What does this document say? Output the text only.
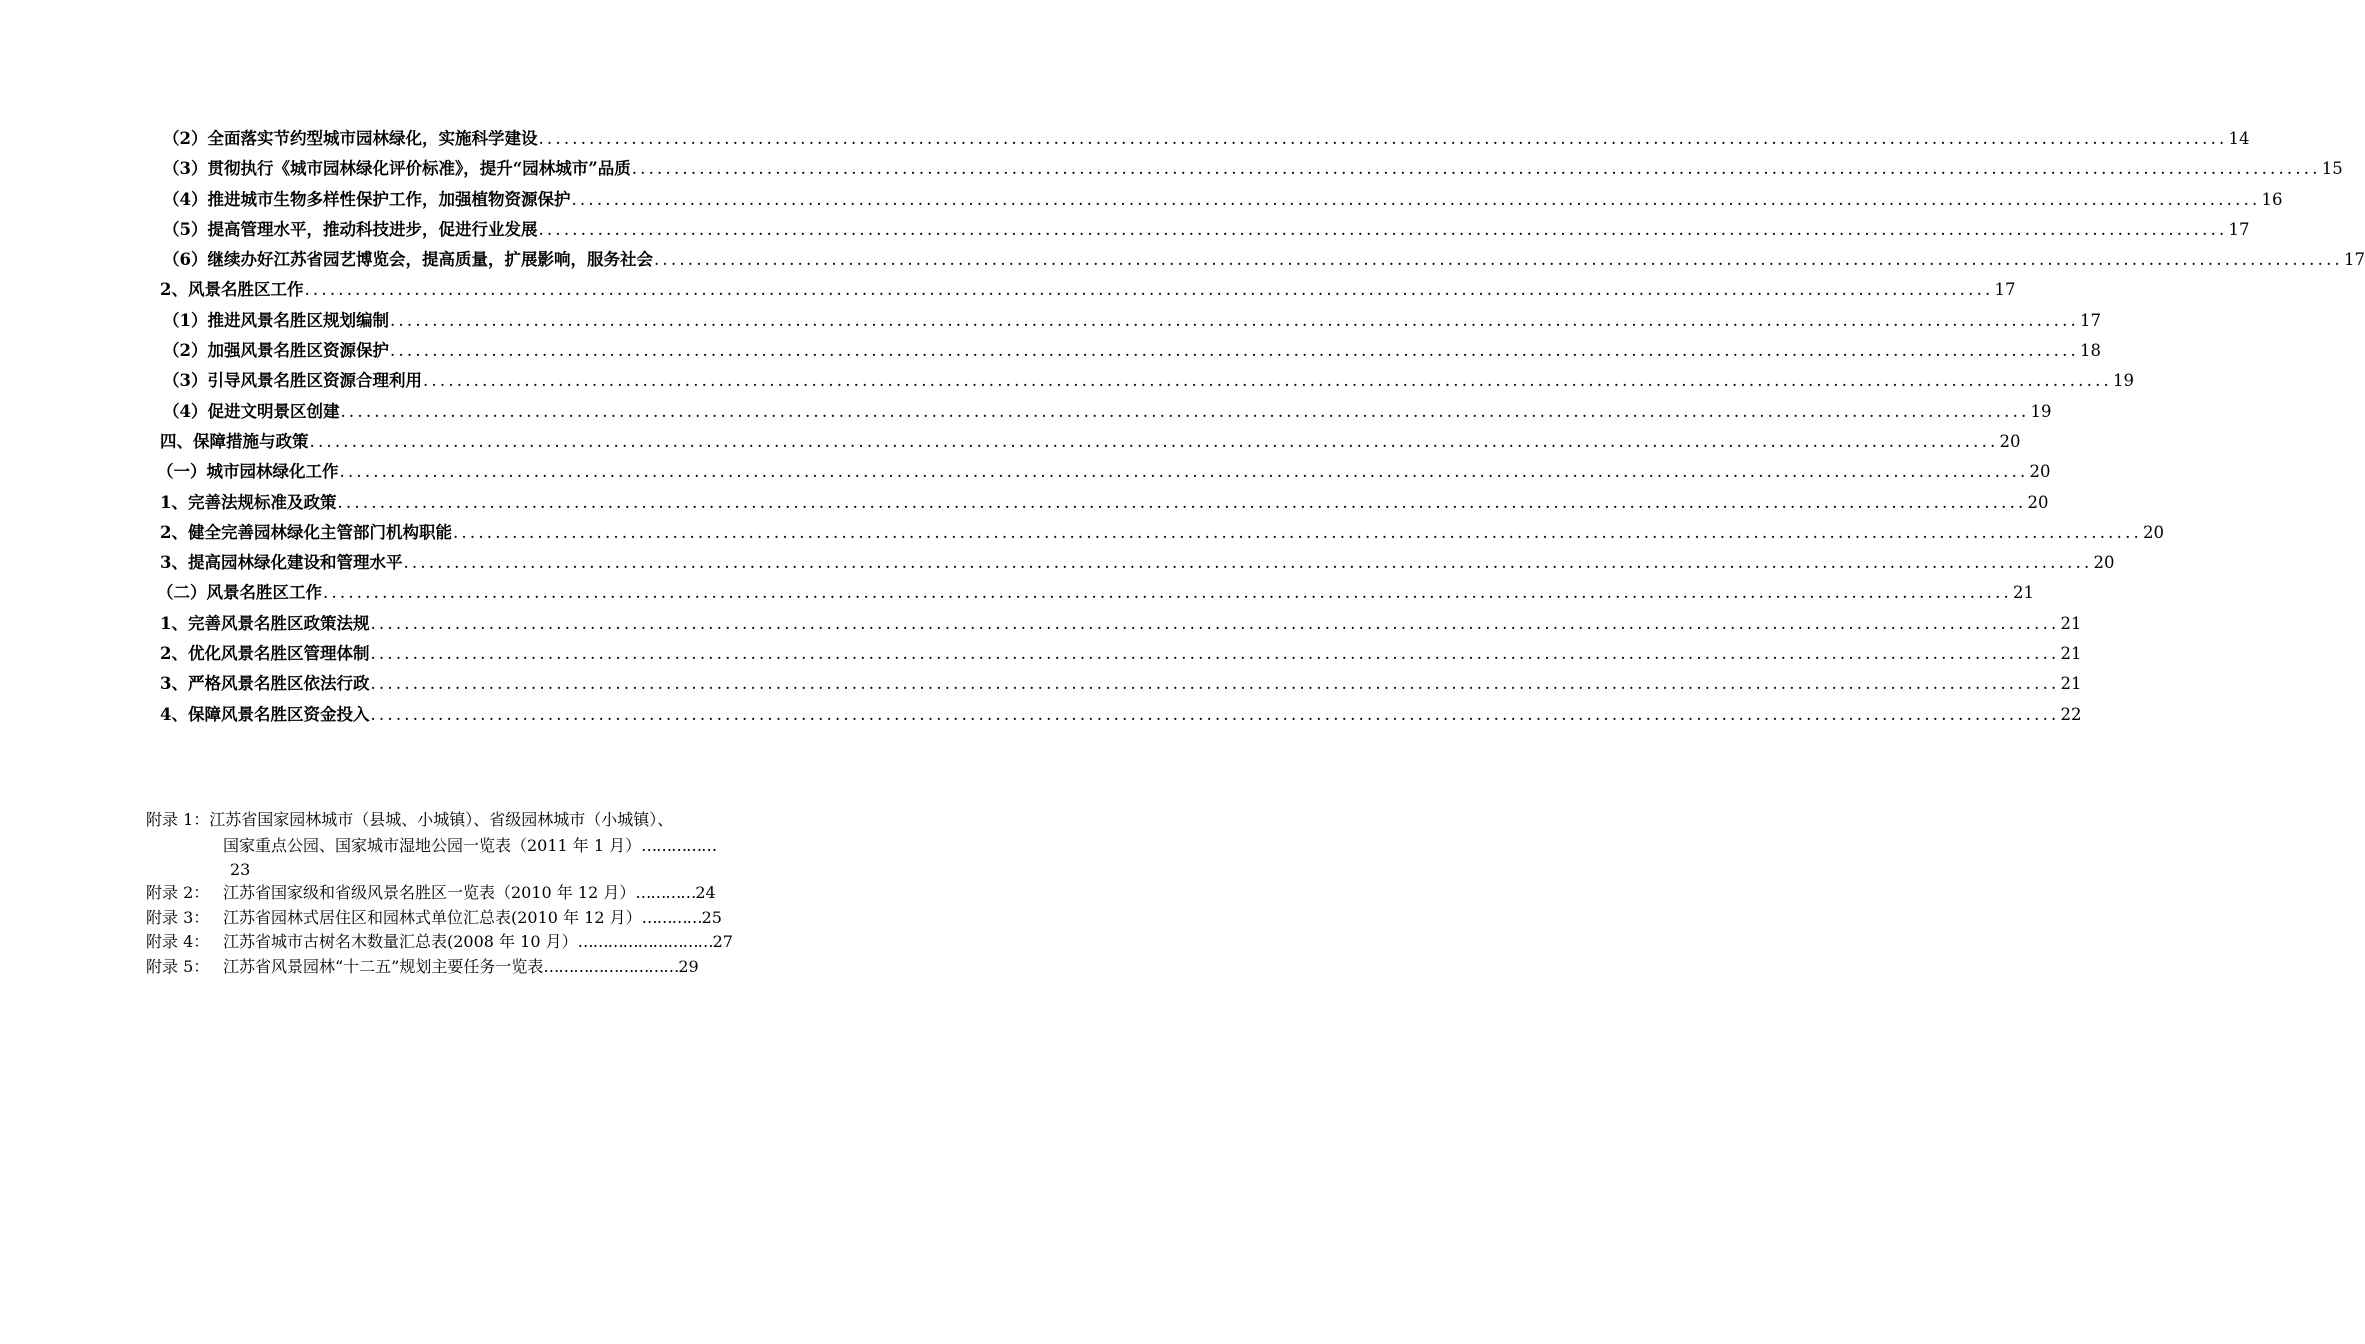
（2）全面落实节约型城市园林绿化，实施科学建设 ........................................................................................................................................................................................................ 14
（3）贯彻执行《城市园林绿化评价标准》，提升“园林城市”品质 ........................................................................................................................................................................................................ 15
（4）推进城市生物多样性保护工作，加强植物资源保护 ........................................................................................................................................................................................................ 16
（5）提高管理水平，推动科技进步，促进行业发展 ........................................................................................................................................................................................................ 17
（6）继续办好江苏省园艺博览会，提高质量，扩展影响，服务社会 ........................................................................................................................................................................................................ 17
2、风景名胜区工作 ........................................................................................................................................................................................................ 17
（1）推进风景名胜区规划编制 ........................................................................................................................................................................................................ 17
（2）加强风景名胜区资源保护 ........................................................................................................................................................................................................ 18
（3）引导风景名胜区资源合理利用 ........................................................................................................................................................................................................ 19
（4）促进文明景区创建 ........................................................................................................................................................................................................ 19
四、保障措施与政策 ........................................................................................................................................................................................................ 20
（一）城市园林绿化工作 ........................................................................................................................................................................................................ 20
1、完善法规标准及政策 ........................................................................................................................................................................................................ 20
2、健全完善园林绿化主管部门机构职能 ........................................................................................................................................................................................................ 20
3、提高园林绿化建设和管理水平 ........................................................................................................................................................................................................ 20
（二）风景名胜区工作 ........................................................................................................................................................................................................ 21
1、完善风景名胜区政策法规 ........................................................................................................................................................................................................ 21
2、优化风景名胜区管理体制 ........................................................................................................................................................................................................ 21
3、严格风景名胜区依法行政 ........................................................................................................................................................................................................ 21
4、保障风景名胜区资金投入 ........................................................................................................................................................................................................ 22
附录 1：江苏省国家园林城市（县城、小城镇）、省级园林城市（小城镇）、
国家重点公园、国家城市湿地公园一览表（2011 年 1 月）……………
23
附录 2： 江苏省国家级和省级风景名胜区一览表（2010 年 12 月）…………24
附录 3： 江苏省园林式居住区和园林式单位汇总表(2010 年 12 月）…………25
附录 4： 江苏省城市古树名木数量汇总表(2008 年 10 月）………………………27
附录 5： 江苏省风景园林“十二五”规划主要任务一览表………………………29
